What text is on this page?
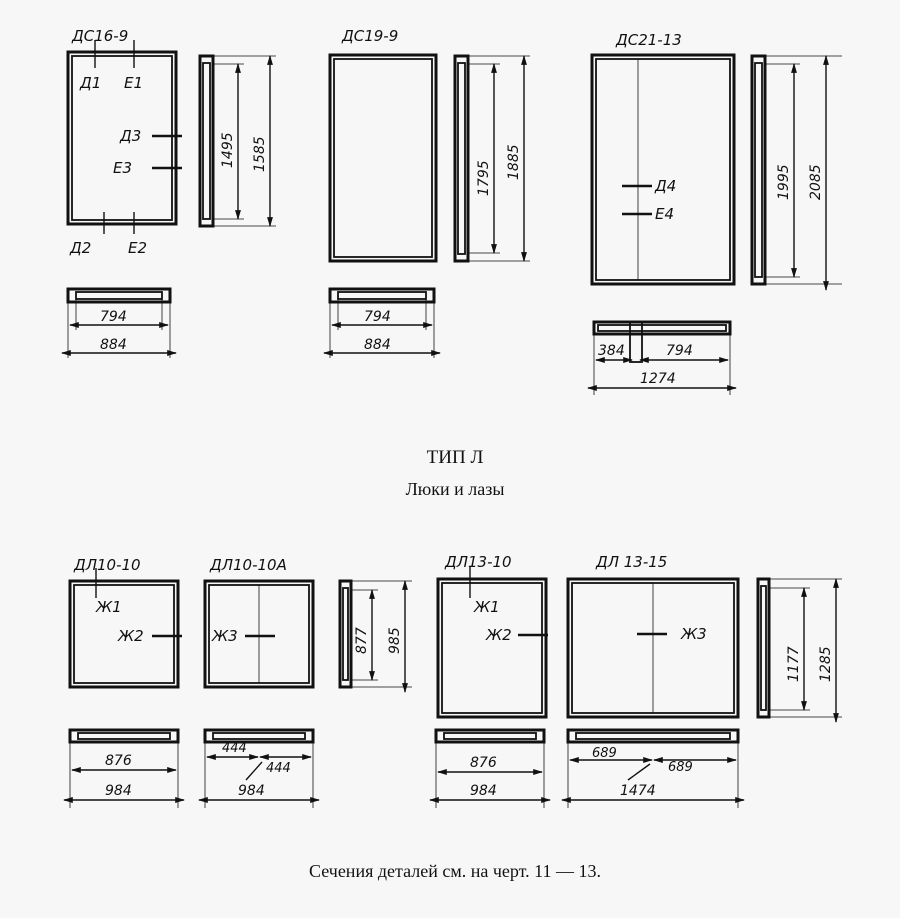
ДС16-9
Д1 Е1
Д3
Е3
Д2 Е2
1495 1585
794
884
ДС19-9
1795 1885
794
884
ДС21-13
Д4
Е4
1995 2085
384	794
1274
ТИП Л
Люки и лазы
ДЛ10-10
Ж1
Ж2
876
984
ДЛ10-10А
Ж3
444
444
984
877 985
ДЛ13-10
Ж1
Ж2
876
984
ДЛ 13-15
Ж3
689
689
1474
1177 1285
Сечения деталей см. на черт. 11 — 13.
